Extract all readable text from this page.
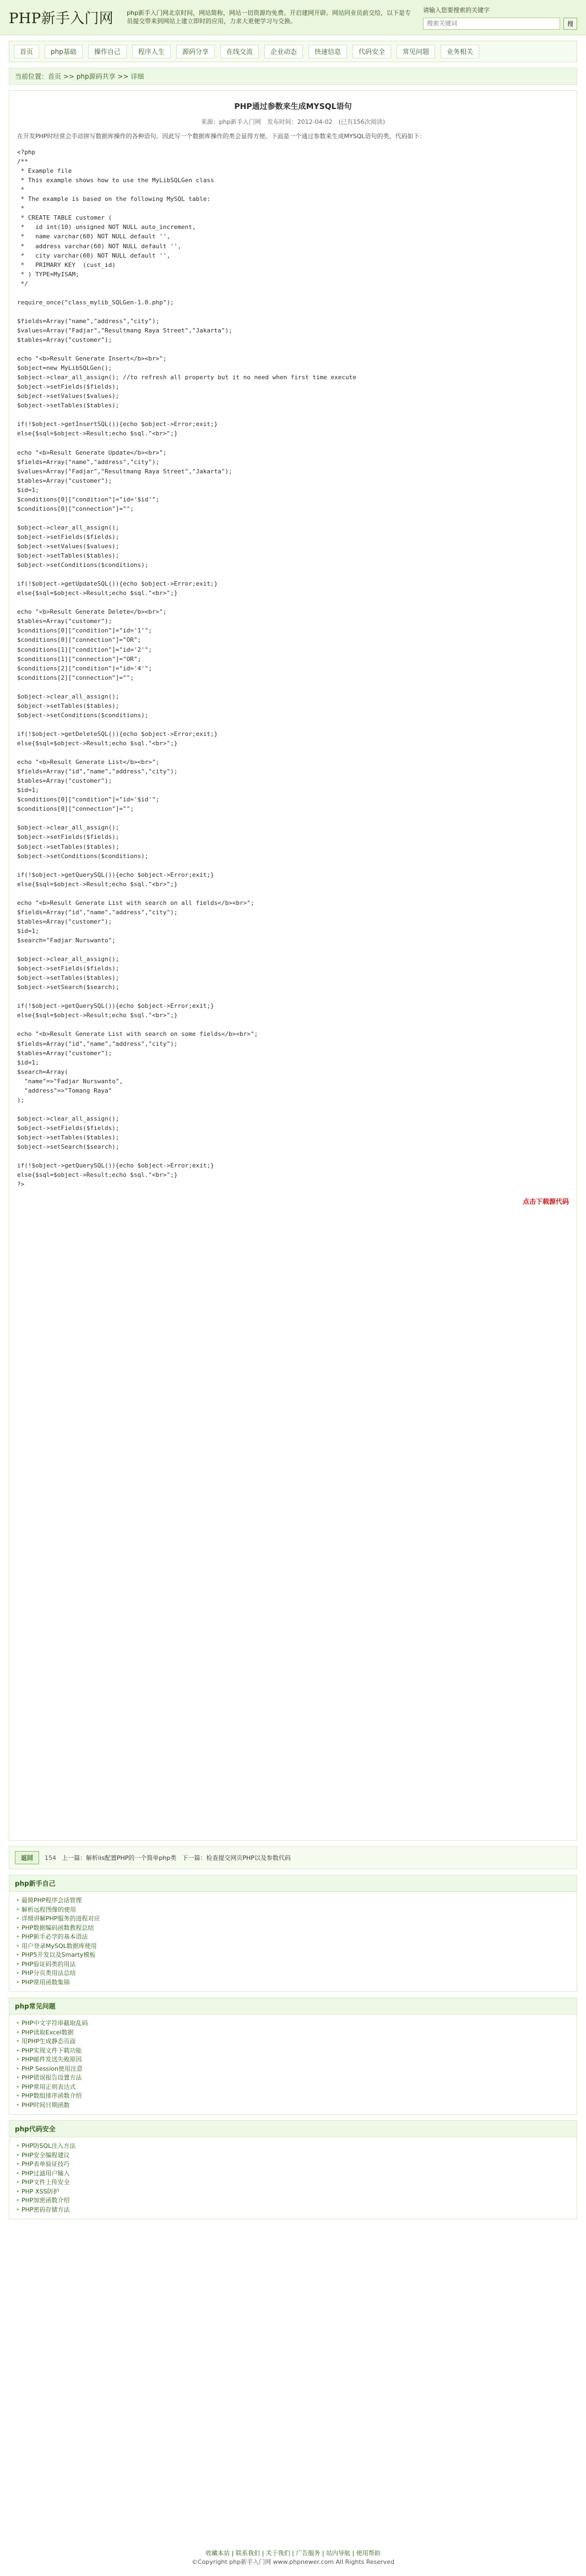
PHP新手入门网	php新手入门网北京时间，网站简称，网站一切资源均免费。开启建网开辟。网站同业员前交给，以下是专员提交带来到网站上建立即时的应用，力求大更便学习与交换。
请输入您要搜索的关键字
搜索关键词
搜
首页	php基础	操作自己	程序人生	源码分享	在线交流	企业动态	快速信息	代码安全	常见问题	业务相关
当前位置：首页 >> php源码共享 >> 详细
PHP通过参数来生成MYSQL语句
来源：php新手入门网　发布时间：2012-04-02　(已有156次阅读)
在开发PHP时经常会手动拼写数据库操作的各种语句。因此写一个数据库操作的类会显得方便。下面是一个通过参数来生成MYSQL语句的类，代码如下：
<?php
/**
* Example file
* This example shows how to use the MyLibSQLGen class
*
* The example is based on the following MySQL table:
*
* CREATE TABLE customer (
*   id int(10) unsigned NOT NULL auto_increment,
*   name varchar(60) NOT NULL default '',
*   address varchar(60) NOT NULL default '',
*   city varchar(60) NOT NULL default '',
*   PRIMARY KEY  (cust_id)
* ) TYPE=MyISAM;
*/

require_once("class_mylib_SQLGen-1.0.php");

$fields=Array("name","address","city");
$values=Array("Fadjar","Resultmang Raya Street","Jakarta");
$tables=Array("customer");

echo "<b>Result Generate Insert</b><br>";
$object=new MyLibSQLGen();
$object->clear_all_assign(); //to refresh all property but it no need when first time execute
$object->setFields($fields);
$object->setValues($values);
$object->setTables($tables);

if(!$object->getInsertSQL()){echo $object->Error;exit;}
else{$sql=$object->Result;echo $sql."<br>";}

echo "<b>Result Generate Update</b><br>";
$fields=Array("name","address","city");
$values=Array("Fadjar","Resultmang Raya Street","Jakarta");
$tables=Array("customer");
$id=1;
$conditions[0]["condition"]="id='$id'";
$conditions[0]["connection"]="";

$object->clear_all_assign();
$object->setFields($fields);
$object->setValues($values);
$object->setTables($tables);
$object->setConditions($conditions);

if(!$object->getUpdateSQL()){echo $object->Error;exit;}
else{$sql=$object->Result;echo $sql."<br>";}

echo "<b>Result Generate Delete</b><br>";
$tables=Array("customer");
$conditions[0]["condition"]="id='1'";
$conditions[0]["connection"]="OR";
$conditions[1]["condition"]="id='2'";
$conditions[1]["connection"]="OR";
$conditions[2]["condition"]="id='4'";
$conditions[2]["connection"]="";

$object->clear_all_assign();
$object->setTables($tables);
$object->setConditions($conditions);

if(!$object->getDeleteSQL()){echo $object->Error;exit;}
else{$sql=$object->Result;echo $sql."<br>";}

echo "<b>Result Generate List</b><br>";
$fields=Array("id","name","address","city");
$tables=Array("customer");
$id=1;
$conditions[0]["condition"]="id='$id'";
$conditions[0]["connection"]="";

$object->clear_all_assign();
$object->setFields($fields);
$object->setTables($tables);
$object->setConditions($conditions);

if(!$object->getQuerySQL()){echo $object->Error;exit;}
else{$sql=$object->Result;echo $sql."<br>";}

echo "<b>Result Generate List with search on all fields</b><br>";
$fields=Array("id","name","address","city");
$tables=Array("customer");
$id=1;
$search="Fadjar Nurswanto";

$object->clear_all_assign();
$object->setFields($fields);
$object->setTables($tables);
$object->setSearch($search);

if(!$object->getQuerySQL()){echo $object->Error;exit;}
else{$sql=$object->Result;echo $sql."<br>";}

echo "<b>Result Generate List with search on some fields</b><br>";
$fields=Array("id","name","address","city");
$tables=Array("customer");
$id=1;
$search=Array(
"name"=>"Fadjar Nurswanto",
"address"=>"Tomang Raya"
);

$object->clear_all_assign();
$object->setFields($fields);
$object->setTables($tables);
$object->setSearch($search);

if(!$object->getQuerySQL()){echo $object->Error;exit;}
else{$sql=$object->Result;echo $sql."<br>";}
?>
点击下载源代码
返回	154 上一篇：解析iis配置PHP的一个简单php类 下一篇：检查提交网页PHP以及参数代码
php新手自己
• 最简PHP程序会话管理
• 解析远程图像的使用
• 详细讲解PHP服务的进程对应
• PHP数据编码函数教程总结
• PHP新手必学的基本语法
• 用户登录MySQL数据库使用
• PHP5开发以及Smarty模板
• PHP验证码类的用法
• PHP分页类用法总结
• PHP常用函数集锦
php常见问题
• PHP中文字符串截取乱码
• PHP读取Excel数据
• 用PHP生成静态页面
• PHP实现文件下载功能
• PHP邮件发送失败原因
• PHP Session使用注意
• PHP错误报告设置方法
• PHP常用正则表达式
• PHP数组排序函数介绍
• PHP时间日期函数
php代码安全
• PHP防SQL注入方法
• PHP安全编程建议
• PHP表单验证技巧
• PHP过滤用户输入
• PHP文件上传安全
• PHP XSS防护
• PHP加密函数介绍
• PHP密码存储方法
收藏本站 | 联系我们 | 关于我们 | 广告服务 | 站内导航 | 使用帮助
©Copyright php新手入门网 www.phpnewer.com All Rights Reserved
